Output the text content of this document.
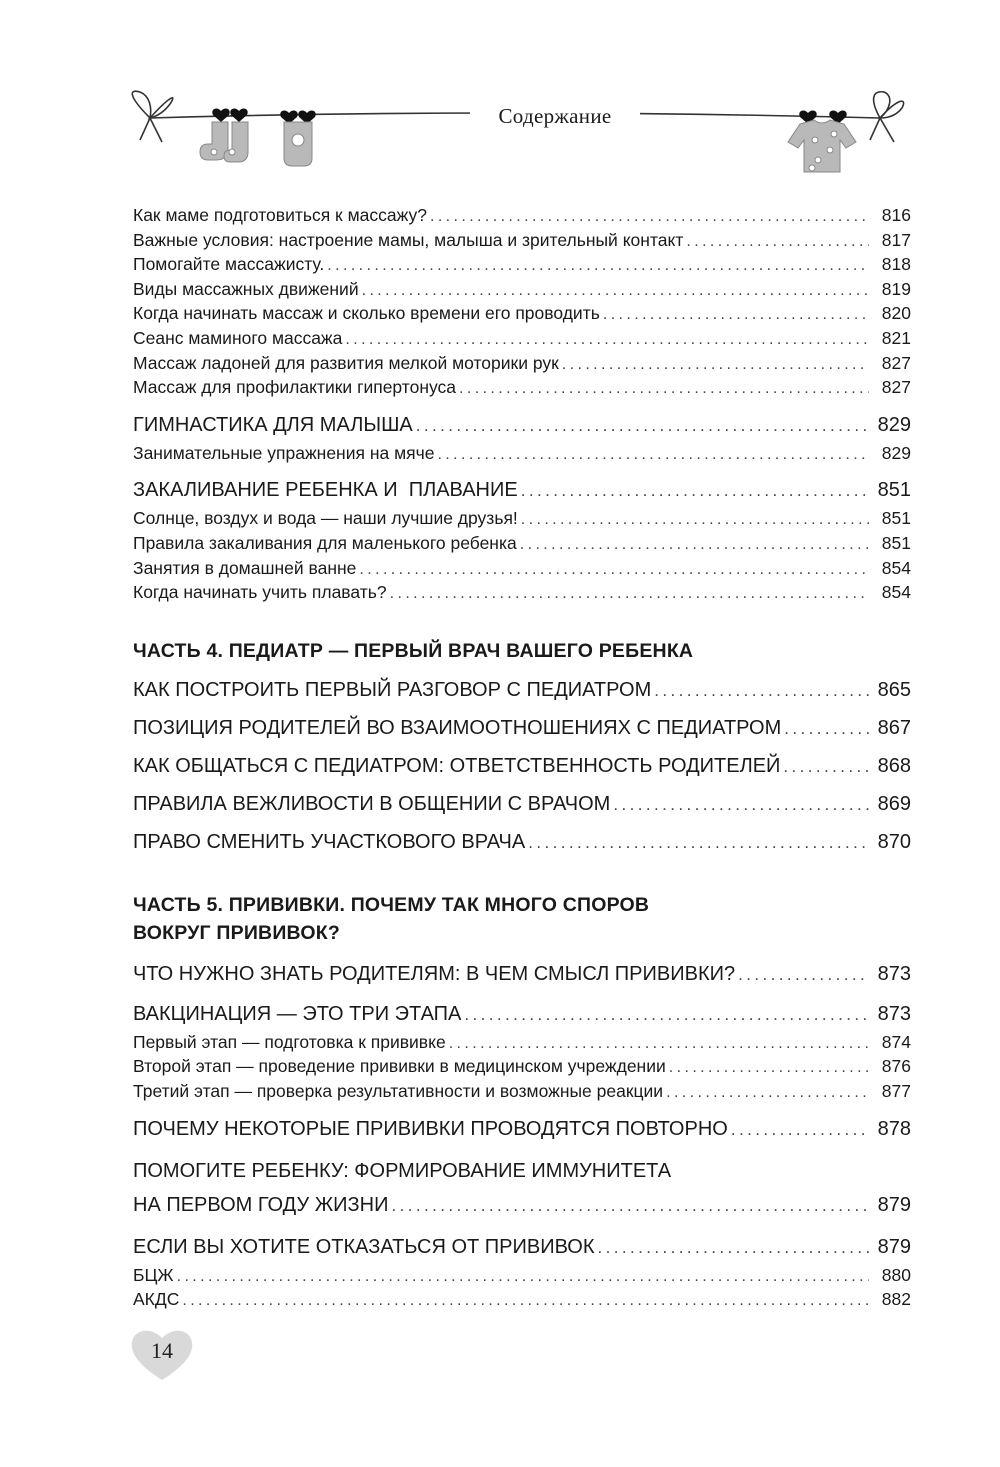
Содержание
Как маме подготовиться к массажу? .....	816
Важные условия: настроение мамы, малыша и зрительный контакт .....	817
Помогайте массажисту. .....	818
Виды массажных движений .....	819
Когда начинать массаж и сколько времени его проводить .....	820
Сеанс маминого массажа .....	821
Массаж ладоней для развития мелкой моторики рук .....	827
Массаж для профилактики гипертонуса .....	827
ГИМНАСТИКА ДЛЯ МАЛЫША .....	829
Занимательные упражнения на мяче .....	829
ЗАКАЛИВАНИЕ РЕБЕНКА И  ПЛАВАНИЕ .....	851
Солнце, воздух и вода — наши лучшие друзья! .....	851
Правила закаливания для маленького ребенка .....	851
Занятия в домашней ванне .....	854
Когда начинать учить плавать? .....	854
ЧАСТЬ 4. ПЕДИАТР — ПЕРВЫЙ ВРАЧ ВАШЕГО РЕБЕНКА
КАК ПОСТРОИТЬ ПЕРВЫЙ РАЗГОВОР С ПЕДИАТРОМ .....	865
ПОЗИЦИЯ РОДИТЕЛЕЙ ВО ВЗАИМООТНОШЕНИЯХ С ПЕДИАТРОМ .....	867
КАК ОБЩАТЬСЯ С ПЕДИАТРОМ: ОТВЕТСТВЕННОСТЬ РОДИТЕЛЕЙ .....	868
ПРАВИЛА ВЕЖЛИВОСТИ В ОБЩЕНИИ С ВРАЧОМ .....	869
ПРАВО СМЕНИТЬ УЧАСТКОВОГО ВРАЧА .....	870
ЧАСТЬ 5. ПРИВИВКИ. ПОЧЕМУ ТАК МНОГО СПОРОВ
ВОКРУГ ПРИВИВОК?
ЧТО НУЖНО ЗНАТЬ РОДИТЕЛЯМ: В ЧЕМ СМЫСЛ ПРИВИВКИ? .....	873
ВАКЦИНАЦИЯ — ЭТО ТРИ ЭТАПА .....	873
Первый этап — подготовка к прививке .....	874
Второй этап — проведение прививки в медицинском учреждении .....	876
Третий этап — проверка результативности и возможные реакции .....	877
ПОЧЕМУ НЕКОТОРЫЕ ПРИВИВКИ ПРОВОДЯТСЯ ПОВТОРНО .....	878
ПОМОГИТЕ РЕБЕНКУ: ФОРМИРОВАНИЕ ИММУНИТЕТА
НА ПЕРВОМ ГОДУ ЖИЗНИ .....	879
ЕСЛИ ВЫ ХОТИТЕ ОТКАЗАТЬСЯ ОТ ПРИВИВОК .....	879
БЦЖ .....	880
АКДС .....	882
14
